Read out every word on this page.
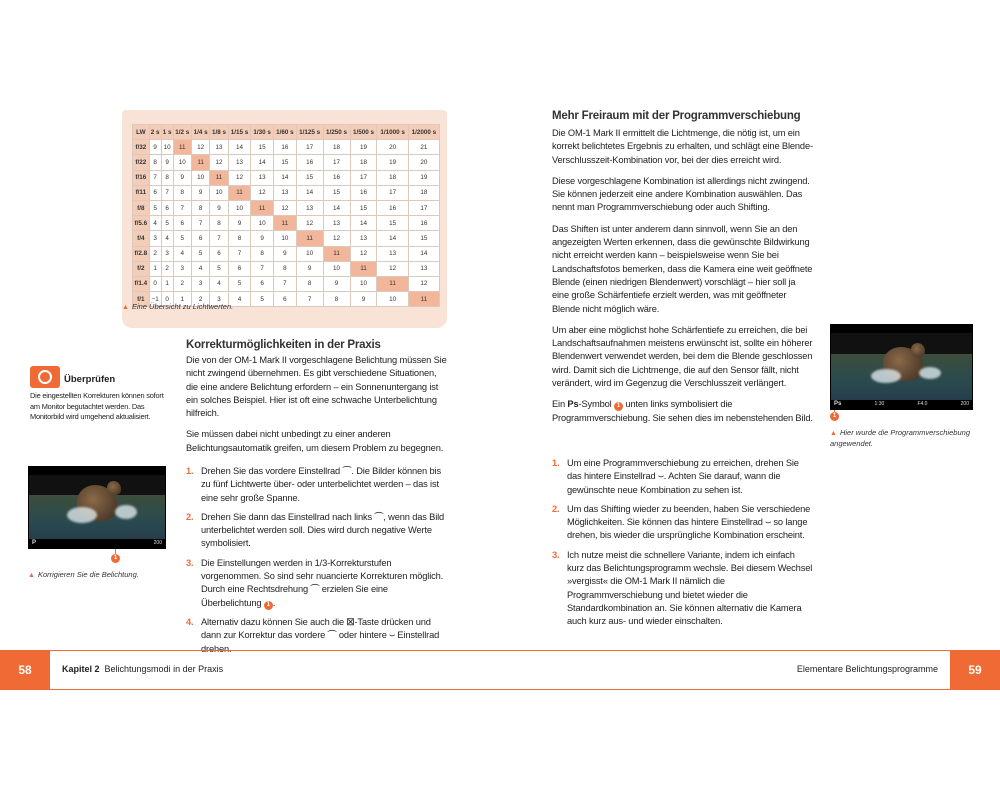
LW	2 s	1 s	1/2 s	1/4 s	1/8 s	1/15 s	1/30 s	1/60 s	1/125 s	1/250 s	1/500 s	1/1000 s	1/2000 s
f/32	9	10	11	12	13	14	15	16	17	18	19	20	21
f/22	8	9	10	11	12	13	14	15	16	17	18	19	20
f/16	7	8	9	10	11	12	13	14	15	16	17	18	19
f/11	6	7	8	9	10	11	12	13	14	15	16	17	18
f/8	5	6	7	8	9	10	11	12	13	14	15	16	17
f/5.6	4	5	6	7	8	9	10	11	12	13	14	15	16
f/4	3	4	5	6	7	8	9	10	11	12	13	14	15
f/2.8	2	3	4	5	6	7	8	9	10	11	12	13	14
f/2	1	2	3	4	5	6	7	8	9	10	11	12	13
f/1.4	0	1	2	3	4	5	6	7	8	9	10	11	12
f/1	−1	0	1	2	3	4	5	6	7	8	9	10	11
▲ Eine Übersicht zu Lichtwerten.
Überprüfen
Die eingestellten Korrekturen können sofort am Monitor begutachtet werden. Das Monitorbild wird umgehend aktualisiert.
P	200
1
▲ Korrigieren Sie die Belichtung.
Korrekturmöglichkeiten in der Praxis

Die von der OM-1 Mark II vorgeschlagene Belichtung müssen Sie nicht zwingend übernehmen. Es gibt verschiedene Situationen, die eine andere Belichtung erfordern – ein Sonnenuntergang ist ein solches Beispiel. Hier ist oft eine schwache Unterbelichtung hilfreich.

Sie müssen dabei nicht unbedingt zu einer anderen Belichtungsautomatik greifen, um diesem Problem zu begegnen.

1. Drehen Sie das vordere Einstellrad ⌒. Die Bilder können bis zu fünf Lichtwerte über- oder unterbelichtet werden – das ist eine sehr große Spanne.
2. Drehen Sie dann das Einstellrad nach links ⌒, wenn das Bild unterbelichtet werden soll. Dies wird durch negative Werte symbolisiert.
3. Die Einstellungen werden in 1/3-Korrekturstufen vorgenommen. So sind sehr nuancierte Korrekturen möglich. Durch eine Rechtsdrehung ⌒ erzielen Sie eine Überbelichtung 1 .
4. Alternativ dazu können Sie auch die ☒-Taste drücken und dann zur Korrektur das vordere ⌒ oder hintere ⌣ Einstellrad drehen.
Mehr Freiraum mit der Programmverschiebung

Die OM-1 Mark II ermittelt die Lichtmenge, die nötig ist, um ein korrekt belichtetes Ergebnis zu erhalten, und schlägt eine Blende-Verschlusszeit-Kombination vor, bei der dies erreicht wird.

Diese vorgeschlagene Kombination ist allerdings nicht zwingend. Sie können jederzeit eine andere Kombination auswählen. Das nennt man Programmverschiebung oder auch Shifting.

Das Shiften ist unter anderem dann sinnvoll, wenn Sie an den angezeigten Werten erkennen, dass die gewünschte Bildwirkung nicht erreicht werden kann – beispielsweise wenn Sie bei Landschaftsfotos bemerken, dass die Kamera eine weit geöffnete Blende (einen niedrigen Blendenwert) vorschlägt – hier soll ja eine große Schärfentiefe erzielt werden, was mit geöffneter Blende nicht möglich wäre.

Um aber eine möglichst hohe Schärfentiefe zu erreichen, die bei Landschaftsaufnahmen meistens erwünscht ist, sollte ein höherer Blendenwert verwendet werden, bei dem die Blende geschlossen wird. Damit sich die Lichtmenge, die auf den Sensor fällt, nicht verändert, wird im Gegenzug die Verschlusszeit verlängert.

Ein Ps-Symbol 1 unten links symbolisiert die Programmverschiebung. Sie sehen dies im nebenstehenden Bild.

1. Um eine Programmverschiebung zu erreichen, drehen Sie das hintere Einstellrad ⌣. Achten Sie darauf, wann die gewünschte neue Kombination zu sehen ist.
2. Um das Shifting wieder zu beenden, haben Sie verschiedene Möglichkeiten. Sie können das hintere Einstellrad ⌣ so lange drehen, bis wieder die ursprüngliche Kombination erscheint.
3. Ich nutze meist die schnellere Variante, indem ich einfach kurz das Belichtungsprogramm wechsle. Bei diesem Wechsel »vergisst« die OM-1 Mark II nämlich die Programmverschiebung und bietet wieder die Standardkombination an. Sie können alternativ die Kamera auch kurz aus- und wieder einschalten.
Ps	1:30	F4.0	200
1
▲ Hier wurde die Programmverschiebung angewendet.
58	Kapitel 2 Belichtungsmodi in der Praxis	Elementare Belichtungsprogramme	59
